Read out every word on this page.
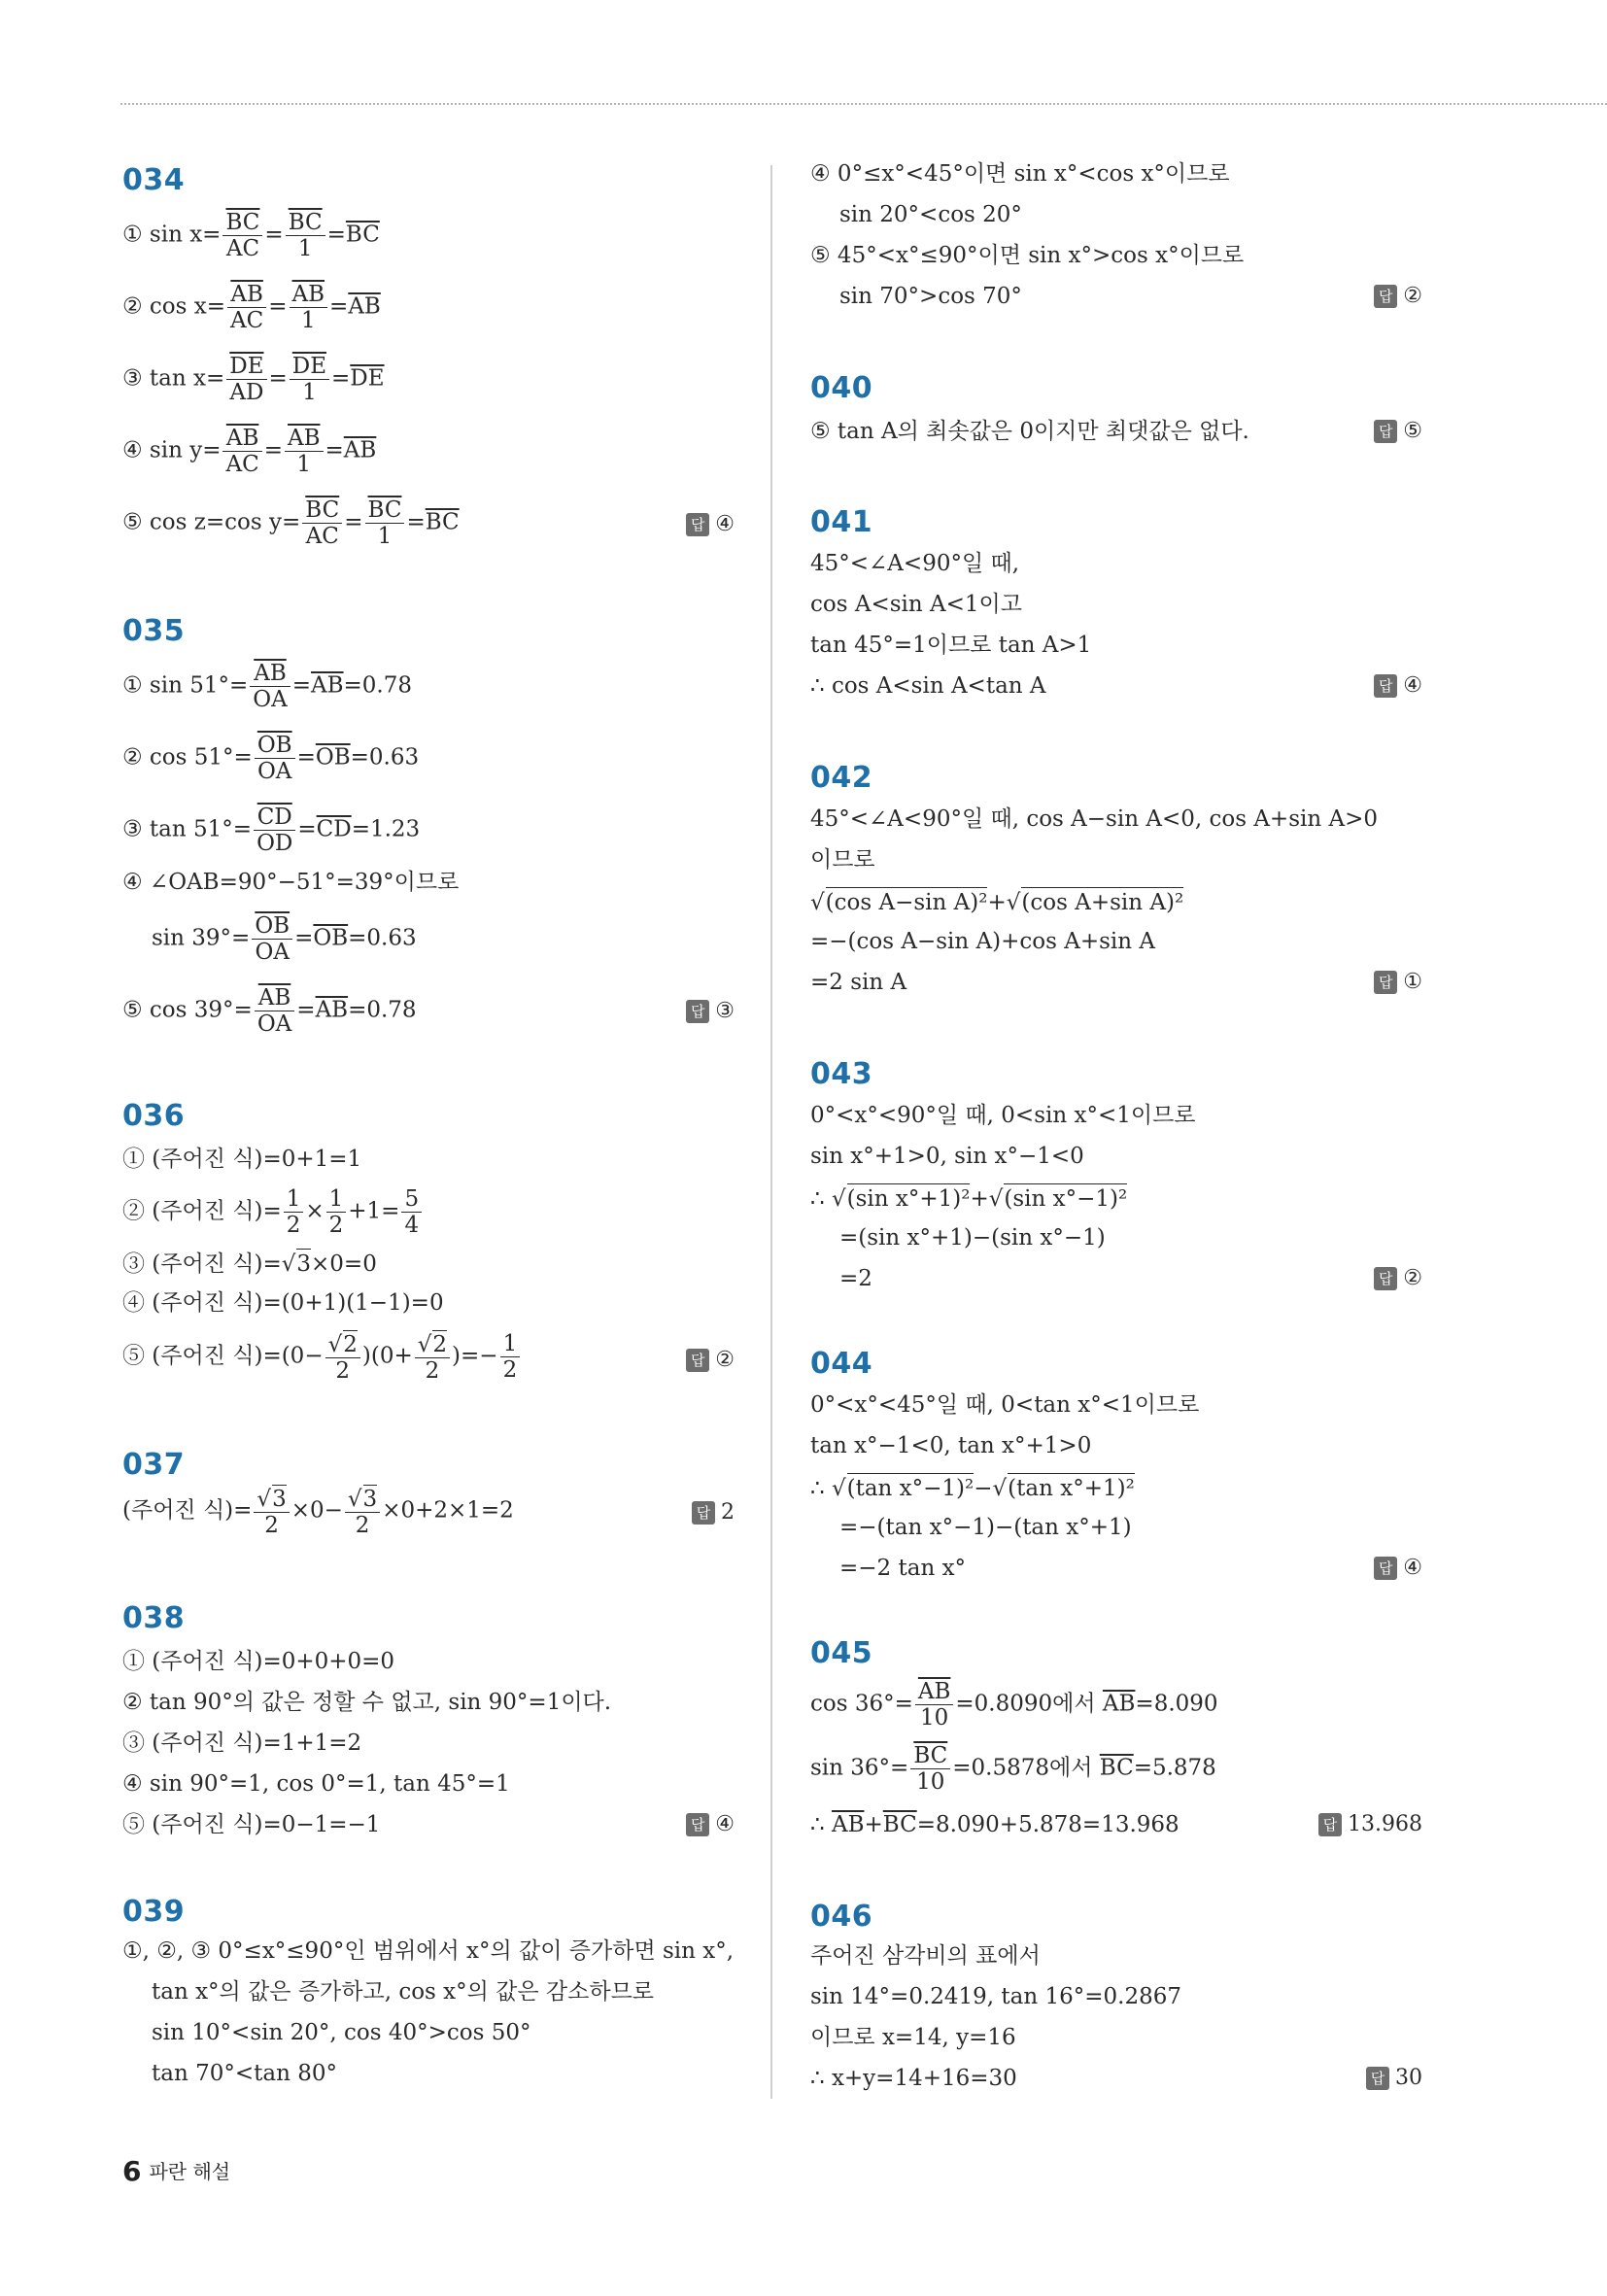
034
① $\sin x= \frac{\overline{BC}}{AC} = \frac{\overline{BC}}{1} =\overline{BC}$
② $\cos x= \frac{\overline{AB}}{AC} = \frac{\overline{AB}}{1} =\overline{AB}$
③ $\tan x= \frac{\overline{DE}}{AD} = \frac{\overline{DE}}{1} =\overline{DE}$
④ $\sin y= \frac{\overline{AB}}{AC} = \frac{\overline{AB}}{1} =\overline{AB}$
⑤ cos z=cos $y= \frac{\overline{BC}}{AC} = \frac{\overline{BC}}{1} =\overline{BC}$	답 ④
035
① $\sin 51^\circ= \frac{\overline{AB}}{OA} =\overline{AB}=0.78$
② $\cos 51^\circ= \frac{\overline{OB}}{OA} =\overline{OB}=0.63$
③ $\tan 51^\circ= \frac{\overline{CD}}{OD} =\overline{CD}=1.23$
④ ∠OAB=90°−51°=39°이므로
$\sin 39^\circ= \frac{\overline{OB}}{OA} =\overline{OB}=0.63$
⑤ $\cos 39^\circ= \frac{\overline{AB}}{OA} =\overline{AB}=0.78$	답 ③
036
① (주어진 식)=0+1=1
② (주어진 식)= $\frac{1}{2} \times \frac{1}{2} +1= \frac{5}{4}$
③ (주어진 식)=√3×0=0
④ (주어진 식)=(0+1)(1−1)=0
⑤ (주어진 식)$=(0- \frac{√2}{2} )(0+ \frac{√2}{2}$ )=− $\frac{1}{2}$	답 ②
037
(주어진 식)= $\frac{√3}{2} \times 0- \frac{√3}{2} \times 0+2\times 1=2$	답 2
038
① (주어진 식)=0+0+0=0
② tan 90°의 값은 정할 수 없고, sin 90°=1이다.
③ (주어진 식)=1+1=2
④ sin 90°=1, cos 0°=1, tan 45°=1
⑤ (주어진 식)=0−1=−1	답 ④
039
①, ②, ③ 0°≤x°≤90°인 범위에서 x°의 값이 증가하면 sin x°,
tan x°의 값은 증가하고, cos x°의 값은 감소하므로
sin 10°<sin 20°, cos 40°>cos 50°
tan 70°<tan 80°
④ 0°≤x°<45°이면 sin x°<cos x°이므로
sin 20°<cos 20°
⑤ 45°<x°≤90°이면 sin x°>cos x°이므로
sin 70°>cos 70°	답 ②
040
⑤ tan A의 최솟값은 0이지만 최댓값은 없다.	답 ⑤
041
45°<∠A<90°일 때,
cos A<sin A<1이고
tan 45°=1이므로 tan A>1
∴ cos A<sin A<tan A	답 ④
042
45°<∠A<90°일 때, cos A−sin A<0, cos A+sin A>0
이므로
√(cos A−sin A)²+√(cos A+sin A)²
=−(cos A−sin A)+cos A+sin A
=2 sin A	답 ①
043
0°<x°<90°일 때, 0<sin x°<1이므로
sin x°+1>0, sin x°−1<0
∴ √(sin x°+1)²+√(sin x°−1)²
=(sin x°+1)−(sin x°−1)
=2	답 ②
044
0°<x°<45°일 때, 0<tan x°<1이므로
tan x°−1<0, tan x°+1>0
∴ √(tan x°−1)²−√(tan x°+1)²
=−(tan x°−1)−(tan x°+1)
=−2 tan x°	답 ④
045
$\cos 36^\circ= \frac{\overline{AB}}{10} =0.8090$에서 $\overline{AB}=8.090$
$\sin 36^\circ= \frac{\overline{BC}}{10} =0.5878$에서 $\overline{BC}=5.878$
∴ $\overline{AB}+\overline{BC}=8.090+5.878=13.968$	답 13.968
046
주어진 삼각비의 표에서
sin 14°=0.2419, tan 16°=0.2867
이므로 x=14, y=16
∴ x+y=14+16=30	답 30
6 파란 해설
